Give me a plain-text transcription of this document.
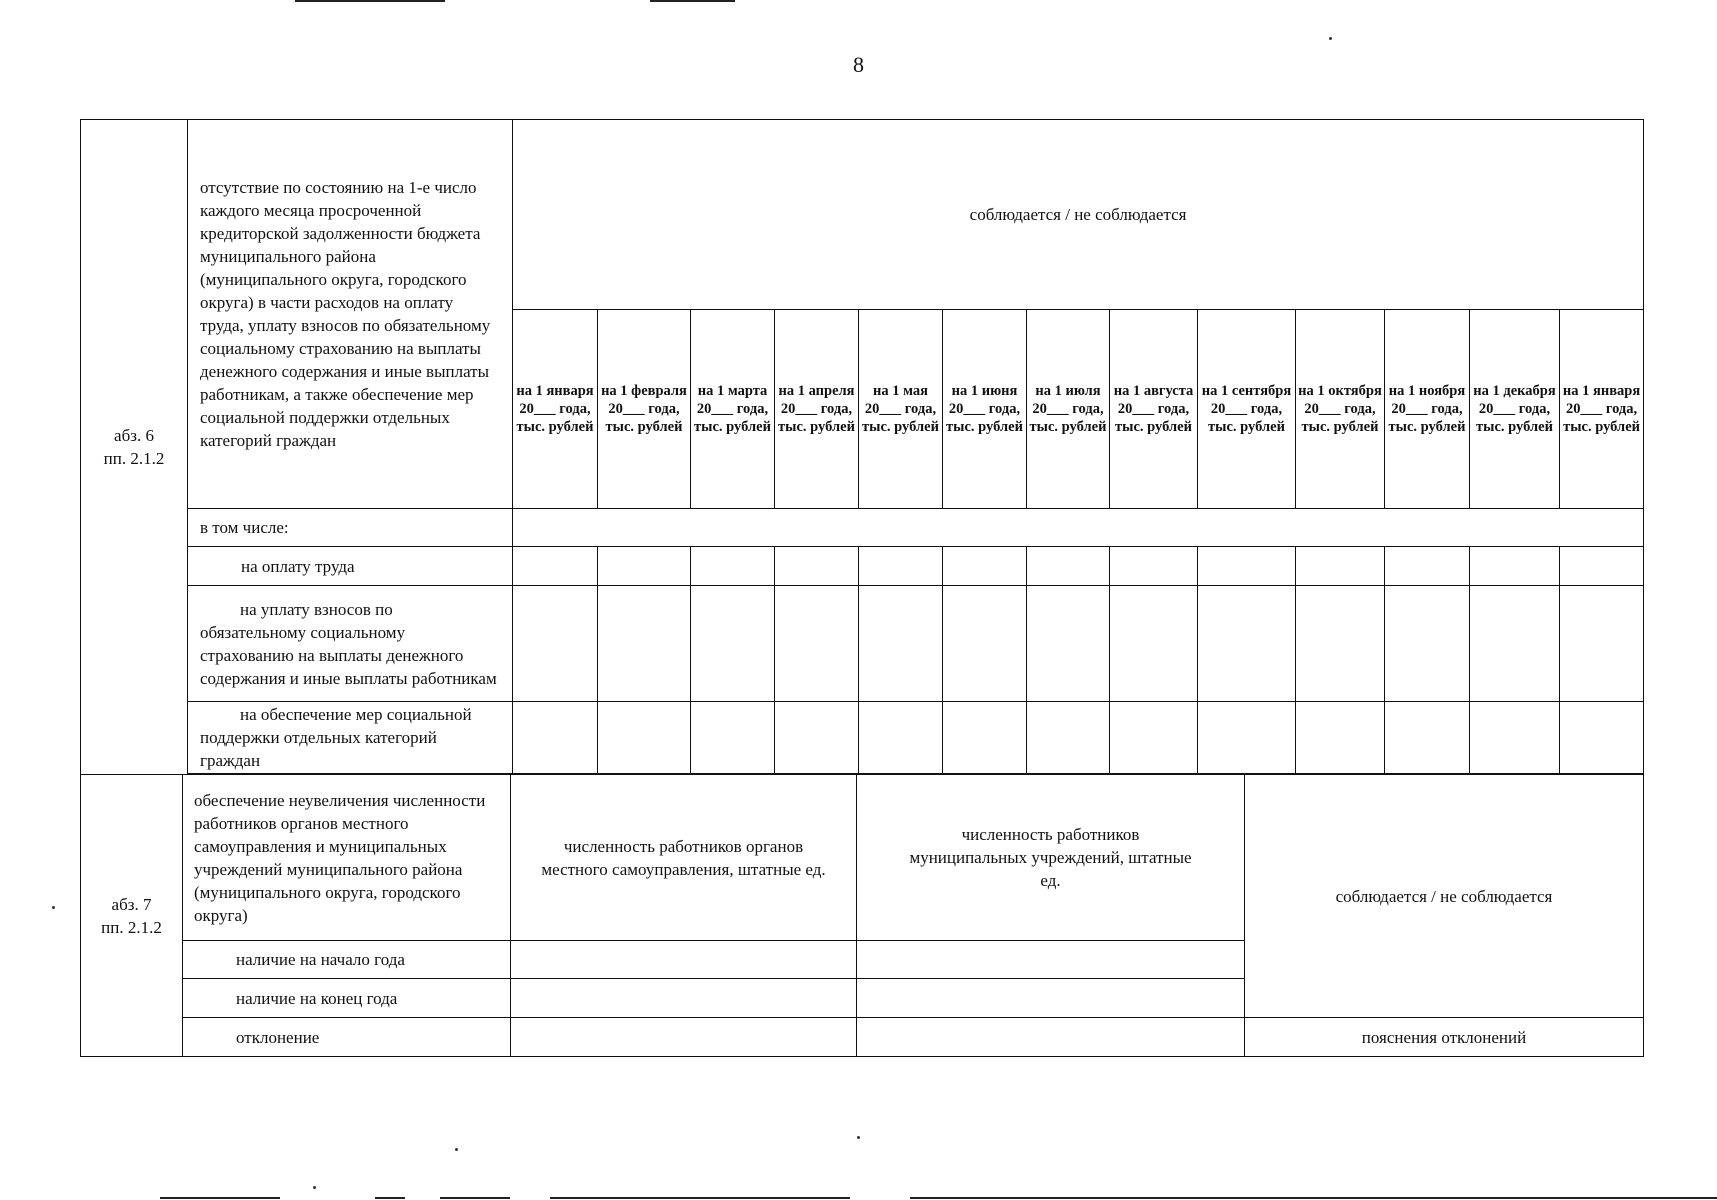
8
абз. 6
пп. 2.1.2	отсутствие по состоянию на 1-е число каждого месяца просроченной кредиторской задолженности бюджета муниципального района (муниципального округа, городского округа) в части расходов на оплату труда, уплату взносов по обязательному социальному страхованию на выплаты денежного содержания и иные выплаты работникам, а также обеспечение мер социальной поддержки отдельных категорий граждан	соблюдается / не соблюдается												
		на 1 января 20___ года, тыс. рублей	на 1 февраля 20___ года, тыс. рублей	на 1 марта 20___ года, тыс. рублей	на 1 апреля 20___ года, тыс. рублей	на 1 мая 20___ года, тыс. рублей	на 1 июня 20___ года, тыс. рублей	на 1 июля 20___ года, тыс. рублей	на 1 августа 20___ года, тыс. рублей	на 1 сентября 20___ года, тыс. рублей	на 1 октября 20___ года, тыс. рублей	на 1 ноября 20___ года, тыс. рублей	на 1 декабря 20___ года, тыс. рублей	на 1 января 20___ года, тыс. рублей
	в том числе:													
	на оплату труда													
	на уплату взносов по обязательному социальному страхованию на выплаты денежного содержания и иные выплаты работникам													
	на обеспечение мер социальной поддержки отдельных категорий граждан													
абз. 7
пп. 2.1.2	обеспечение неувеличения численности работников органов местного самоуправления и муниципальных учреждений муниципального района (муниципального округа, городского округа)	численность работников органов местного самоуправления, штатные ед.	численность работников муниципальных учреждений, штатные ед.	соблюдается / не соблюдается
	наличие на начало года			
	наличие на конец года			
	отклонение			пояснения отклонений
